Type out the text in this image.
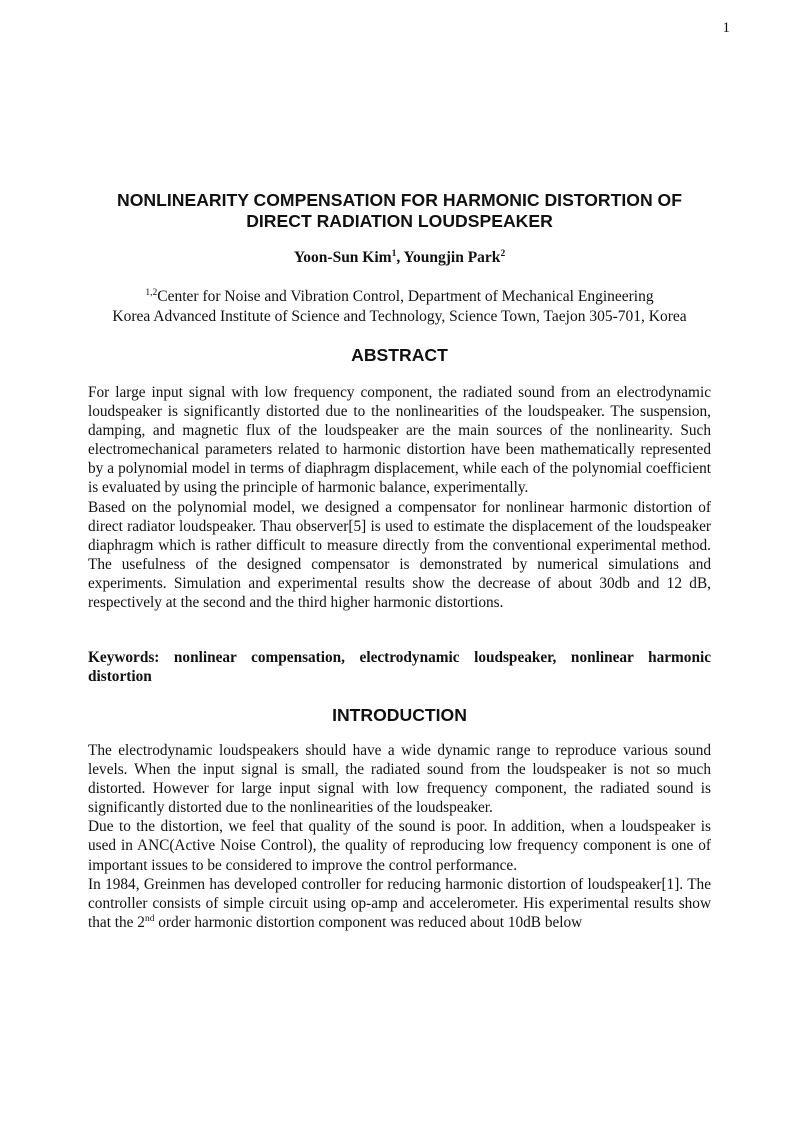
1
NONLINEARITY COMPENSATION FOR HARMONIC DISTORTION OF
DIRECT RADIATION LOUDSPEAKER
Yoon-Sun Kim$^1$, Youngjin Park$^2$
$^{1,2}$Center for Noise and Vibration Control, Department of Mechanical Engineering
Korea Advanced Institute of Science and Technology, Science Town, Taejon 305-701, Korea
ABSTRACT

For large input signal with low frequency component, the radiated sound from an electrodynamic loudspeaker is significantly distorted due to the nonlinearities of the loudspeaker. The suspension, damping, and magnetic flux of the loudspeaker are the main sources of the nonlinearity. Such electromechanical parameters related to harmonic distortion have been mathematically represented by a polynomial model in terms of diaphragm displacement, while each of the polynomial coefficient is evaluated by using the principle of harmonic balance, experimentally.

Based on the polynomial model, we designed a compensator for nonlinear harmonic distortion of direct radiator loudspeaker. Thau observer[5] is used to estimate the displacement of the loudspeaker diaphragm which is rather difficult to measure directly from the conventional experimental method. The usefulness of the designed compensator is demonstrated by numerical simulations and experiments. Simulation and experimental results show the decrease of about 30db and 12 dB, respectively at the second and the third higher harmonic distortions.

Keywords: nonlinear compensation, electrodynamic loudspeaker, nonlinear harmonic distortion
INTRODUCTION

The electrodynamic loudspeakers should have a wide dynamic range to reproduce various sound levels. When the input signal is small, the radiated sound from the loudspeaker is not so much distorted. However for large input signal with low frequency component, the radiated sound is significantly distorted due to the nonlinearities of the loudspeaker.

Due to the distortion, we feel that quality of the sound is poor. In addition, when a loudspeaker is used in ANC(Active Noise Control), the quality of reproducing low frequency component is one of important issues to be considered to improve the control performance.

In 1984, Greinmen has developed controller for reducing harmonic distortion of loudspeaker[1]. The controller consists of simple circuit using op-amp and accelerometer. His experimental results show that the 2nd order harmonic distortion component was reduced about 10dB below
